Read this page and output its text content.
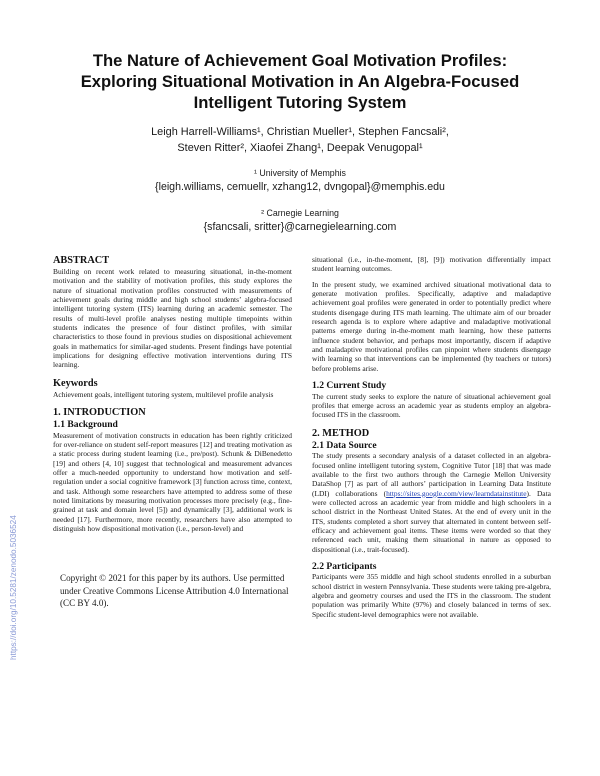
https://doi.org/10.5281/zenodo.5036524
The Nature of Achievement Goal Motivation Profiles:
Exploring Situational Motivation in An Algebra-Focused
Intelligent Tutoring System
Leigh Harrell-Williams¹, Christian Mueller¹, Stephen Fancsali²,
Steven Ritter², Xiaofei Zhang¹, Deepak Venugopal¹
¹ University of Memphis
{leigh.williams, cemuellr, xzhang12, dvngopal}@memphis.edu
² Carnegie Learning
{sfancsali, sritter}@carnegielearning.com
ABSTRACT

Building on recent work related to measuring situational, in-the-moment motivation and the stability of motivation profiles, this study explores the nature of situational motivation profiles constructed with measurements of achievement goals during middle and high school students’ algebra-focused intelligent tutoring system (ITS) learning during an academic semester. The results of multi-level profile analyses nesting multiple timepoints within students indicates the presence of four distinct profiles, with similar characteristics to those found in previous studies on dispositional achievement goals in mathematics for similar-aged students. Present findings have potential implications for designing effective motivation interventions during ITS learning.

Keywords

Achievement goals, intelligent tutoring system, multilevel profile analysis

1. INTRODUCTION
1.1 Background

Measurement of motivation constructs in education has been rightly criticized for over-reliance on student self-report measures [12] and treating motivation as a static process during student learning (i.e., pre/post). Schunk & DiBenedetto [19] and others [4, 10] suggest that technological and measurement advances offer a much-needed opportunity to understand how motivation and self-regulation under a social cognitive framework [3] function across time, context, and task. Although some researchers have attempted to address some of these noted limitations by measuring motivation processes more precisely (e.g., fine-grained at task and domain level [5]) and dynamically [3], additional work is needed [17]. Furthermore, more recently, researchers have also attempted to distinguish how dispositional motivation (i.e., person-level) and

Copyright © 2021 for this paper by its authors. Use permitted under Creative Commons License Attribution 4.0 International (CC BY 4.0).

situational (i.e., in-the-moment, [8], [9]) motivation differentially impact student learning outcomes.

In the present study, we examined archived situational motivational data to generate motivation profiles. Specifically, adaptive and maladaptive achievement goal profiles were generated in order to potentially predict where students disengage during ITS math learning. The ultimate aim of our broader research agenda is to explore where adaptive and maladaptive motivational patterns emerge during in-the-moment math learning, how these patterns influence student behavior, and perhaps most importantly, discern if adaptive and maladaptive motivational profiles can pinpoint where students disengage with learning so that interventions can be implemented (by teachers or tutors) before problems arise.

1.2 Current Study

The current study seeks to explore the nature of situational achievement goal profiles that emerge across an academic year as students employ an algebra-focused ITS in the classroom.

2. METHOD
2.1 Data Source

The study presents a secondary analysis of a dataset collected in an algebra-focused online intelligent tutoring system, Cognitive Tutor [18] that was made available to the first two authors through the Carnegie Mellon University DataShop [7] as part of all authors’ participation in Learning Data Institute (LDI) collaborations (https://sites.google.com/view/learndatainstitute). Data were collected across an academic year from middle and high schoolers in a school district in the Northeast United States. At the end of every unit in the ITS, students completed a short survey that alternated in content between self-efficacy and achievement goal items. These items were worded so that they referenced each unit, making them situational in nature as opposed to dispositional (i.e., trait-focused).

2.2 Participants

Participants were 355 middle and high school students enrolled in a suburban school district in western Pennsylvania. These students were taking pre-algebra, algebra and geometry courses and used the ITS in the classroom. The student population was primarily White (97%) and closely balanced in terms of sex. Specific student-level demographics were not available.
